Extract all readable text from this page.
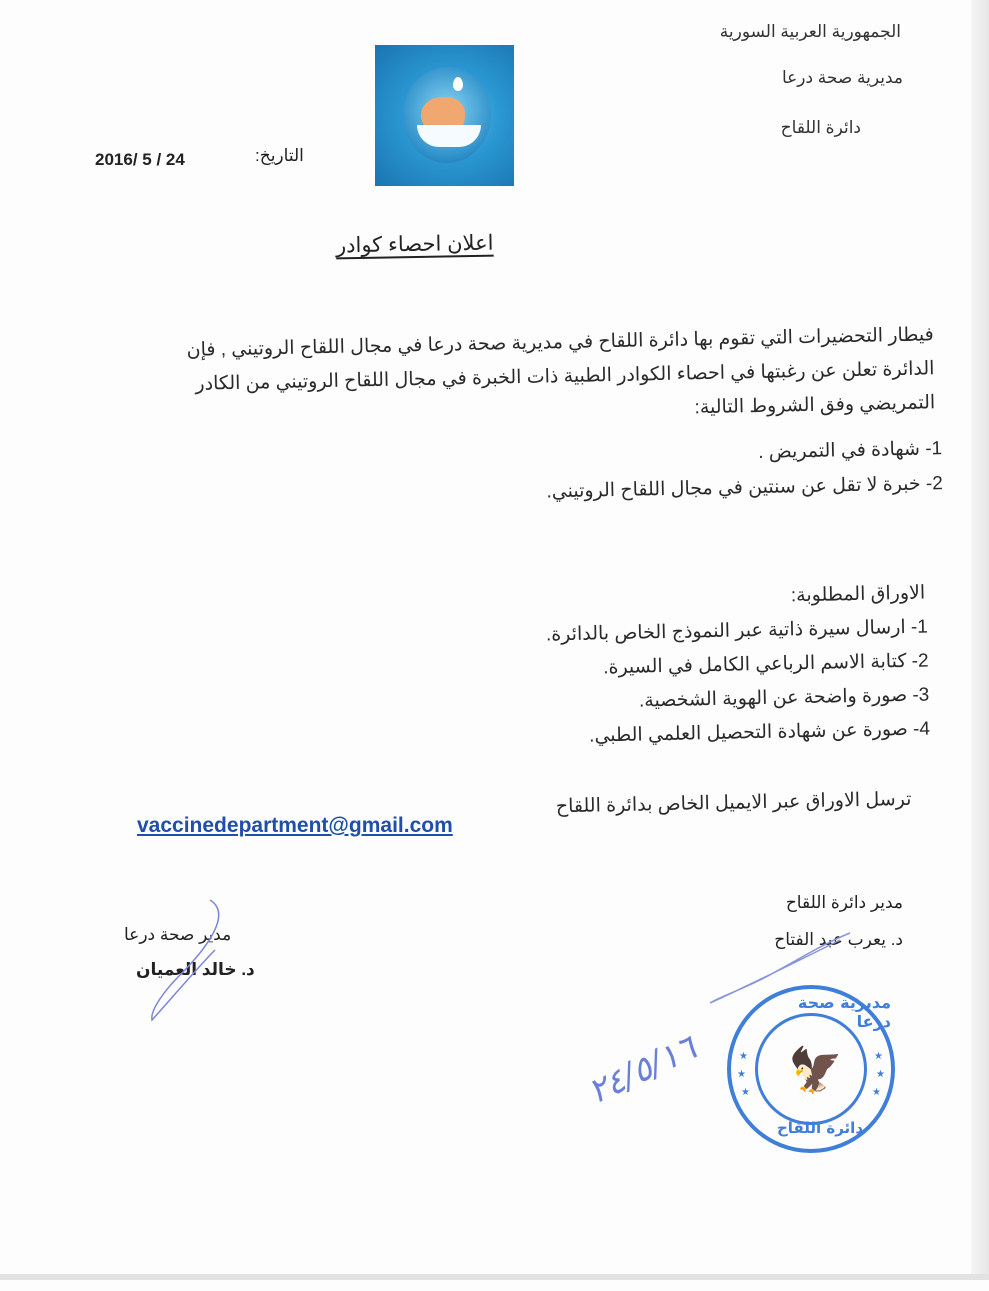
الجمهورية العربية السورية
مديرية صحة درعا
دائرة اللقاح
التاريخ:
2016/ 5 / 24
اعلان احصاء كوادر
فيطار التحضيرات التي تقوم بها دائرة اللقاح في مديرية صحة درعا في مجال اللقاح الروتيني , فإن
الدائرة تعلن عن رغبتها في احصاء الكوادر الطبية ذات الخبرة في مجال اللقاح الروتيني من الكادر
التمريضي وفق الشروط التالية:
1- شهادة في التمريض .
2- خبرة لا تقل عن سنتين في مجال اللقاح الروتيني.
الاوراق المطلوبة:
1- ارسال سيرة ذاتية عبر النموذج الخاص بالدائرة.
2- كتابة الاسم الرباعي الكامل في السيرة.
3- صورة واضحة عن الهوية الشخصية.
4- صورة عن شهادة التحصيل العلمي الطبي.
ترسل الاوراق عبر الايميل الخاص بدائرة اللقاح
vaccinedepartment@gmail.com
مدير دائرة اللقاح
د. يعرب عبد الفتاح
مدير صحة درعا
د. خالد العميان
مديرية صحة درعا
🦅
★
★
★
★
★
★
دائرة اللقاح
٢٤/٥/١٦
